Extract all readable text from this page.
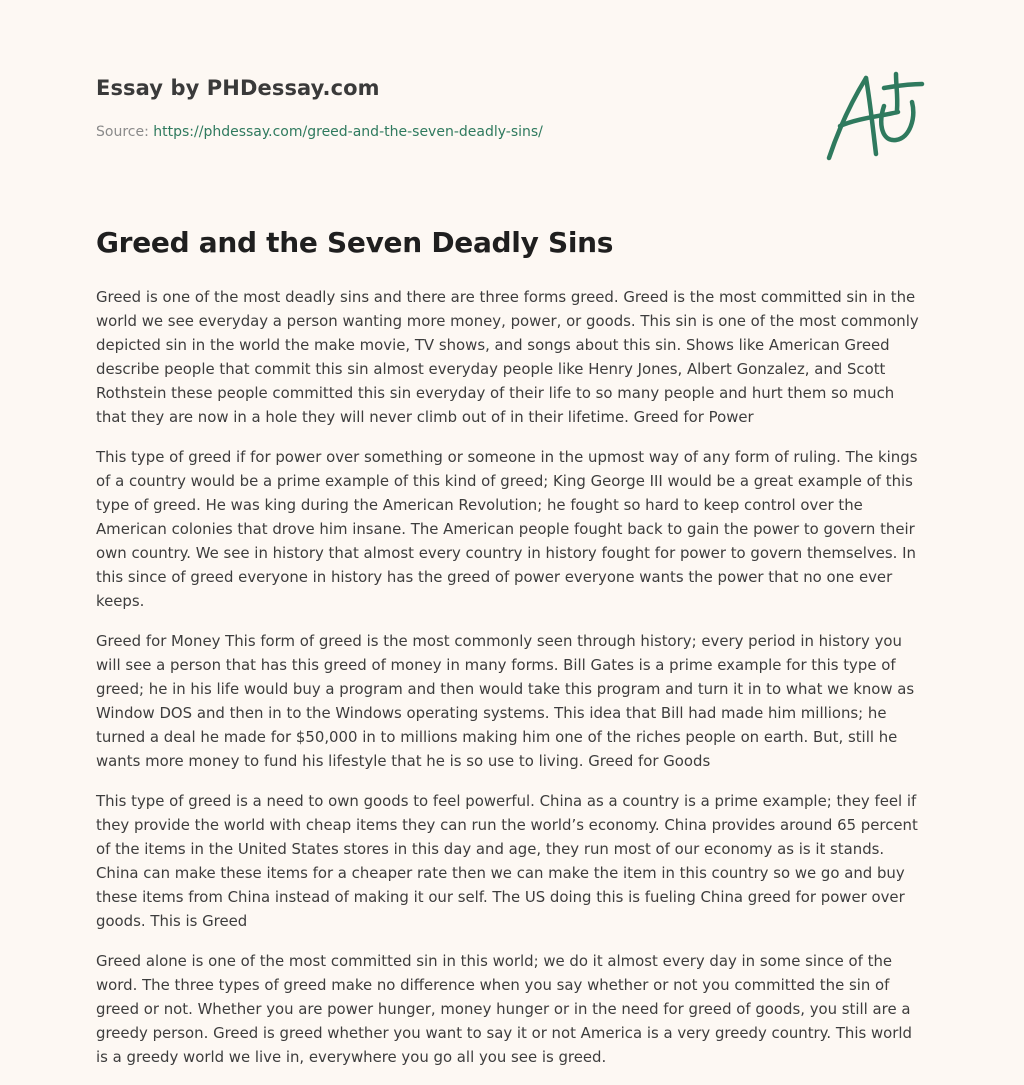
Essay by PHDessay.com

Source: https://phdessay.com/greed-and-the-seven-deadly-sins/

Greed and the Seven Deadly Sins

Greed is one of the most deadly sins and there are three forms greed. Greed is the most committed sin in the world we see everyday a person wanting more money, power, or goods. This sin is one of the most commonly depicted sin in the world the make movie, TV shows, and songs about this sin. Shows like American Greed describe people that commit this sin almost everyday people like Henry Jones, Albert Gonzalez, and Scott Rothstein these people committed this sin everyday of their life to so many people and hurt them so much that they are now in a hole they will never climb out of in their lifetime. Greed for Power

This type of greed if for power over something or someone in the upmost way of any form of ruling. The kings of a country would be a prime example of this kind of greed; King George III would be a great example of this type of greed. He was king during the American Revolution; he fought so hard to keep control over the American colonies that drove him insane. The American people fought back to gain the power to govern their own country. We see in history that almost every country in history fought for power to govern themselves. In this since of greed everyone in history has the greed of power everyone wants the power that no one ever keeps.

Greed for Money This form of greed is the most commonly seen through history; every period in history you will see a person that has this greed of money in many forms. Bill Gates is a prime example for this type of greed; he in his life would buy a program and then would take this program and turn it in to what we know as Window DOS and then in to the Windows operating systems. This idea that Bill had made him millions; he turned a deal he made for $50,000 in to millions making him one of the riches people on earth. But, still he wants more money to fund his lifestyle that he is so use to living. Greed for Goods

This type of greed is a need to own goods to feel powerful. China as a country is a prime example; they feel if they provide the world with cheap items they can run the world’s economy. China provides around 65 percent of the items in the United States stores in this day and age, they run most of our economy as is it stands. China can make these items for a cheaper rate then we can make the item in this country so we go and buy these items from China instead of making it our self. The US doing this is fueling China greed for power over goods. This is Greed

Greed alone is one of the most committed sin in this world; we do it almost every day in some since of the word. The three types of greed make no difference when you say whether or not you committed the sin of greed or not. Whether you are power hunger, money hunger or in the need for greed of goods, you still are a greedy person. Greed is greed whether you want to say it or not America is a very greedy country. This world is a greedy world we live in, everywhere you go all you see is greed.
